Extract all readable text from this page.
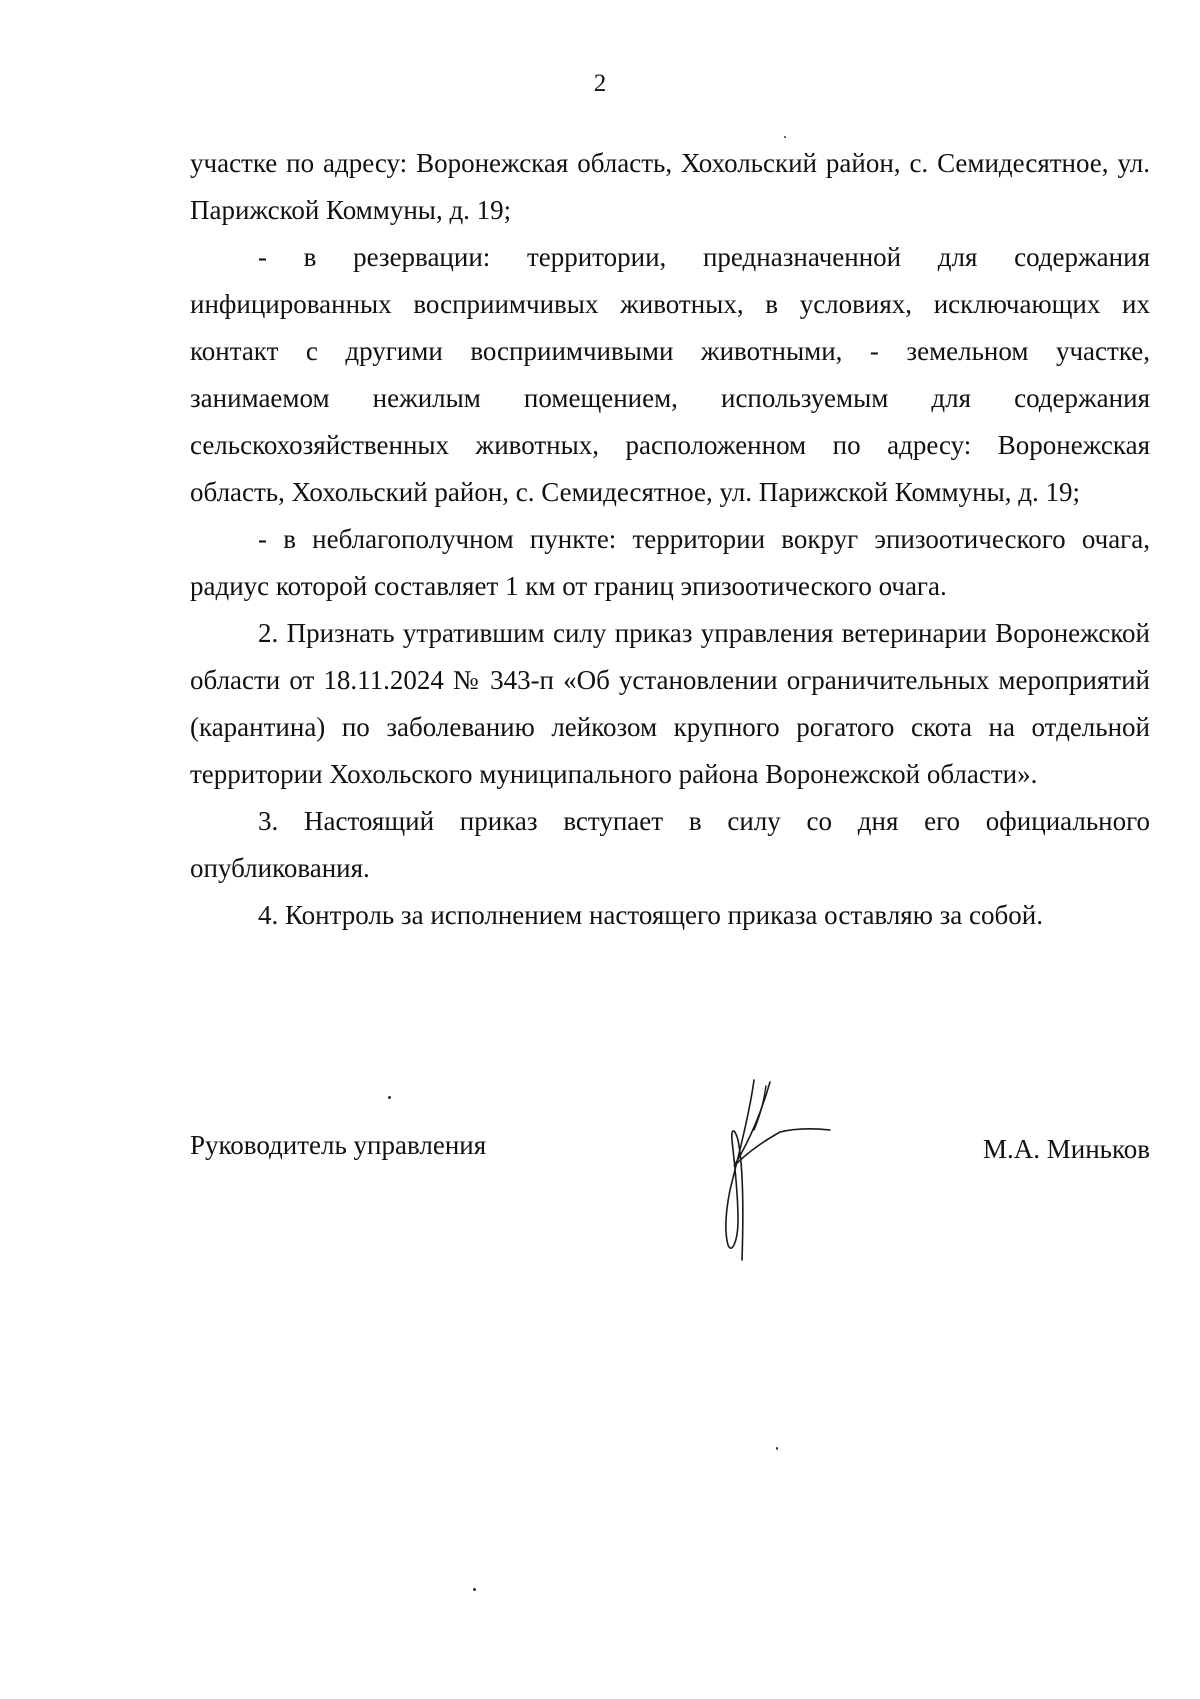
2

участке по адресу: Воронежская область, Хохольский район, с. Семидесятное, ул. Парижской Коммуны, д. 19;

- в резервации: территории, предназначенной для содержания инфицированных восприимчивых животных, в условиях, исключающих их контакт с другими восприимчивыми животными, - земельном участке, занимаемом нежилым помещением, используемым для содержания сельскохозяйственных животных, расположенном по адресу: Воронежская область, Хохольский район, с. Семидесятное, ул. Парижской Коммуны, д. 19;

- в неблагополучном пункте: территории вокруг эпизоотического очага, радиус которой составляет 1 км от границ эпизоотического очага.

2. Признать утратившим силу приказ управления ветеринарии Воронежской области от 18.11.2024 № 343-п «Об установлении ограничительных мероприятий (карантина) по заболеванию лейкозом крупного рогатого скота на отдельной территории Хохольского муниципального района Воронежской области».

3. Настоящий приказ вступает в силу со дня его официального опубликования.

4. Контроль за исполнением настоящего приказа оставляю за собой.

Руководитель управления	М.А. Миньков
